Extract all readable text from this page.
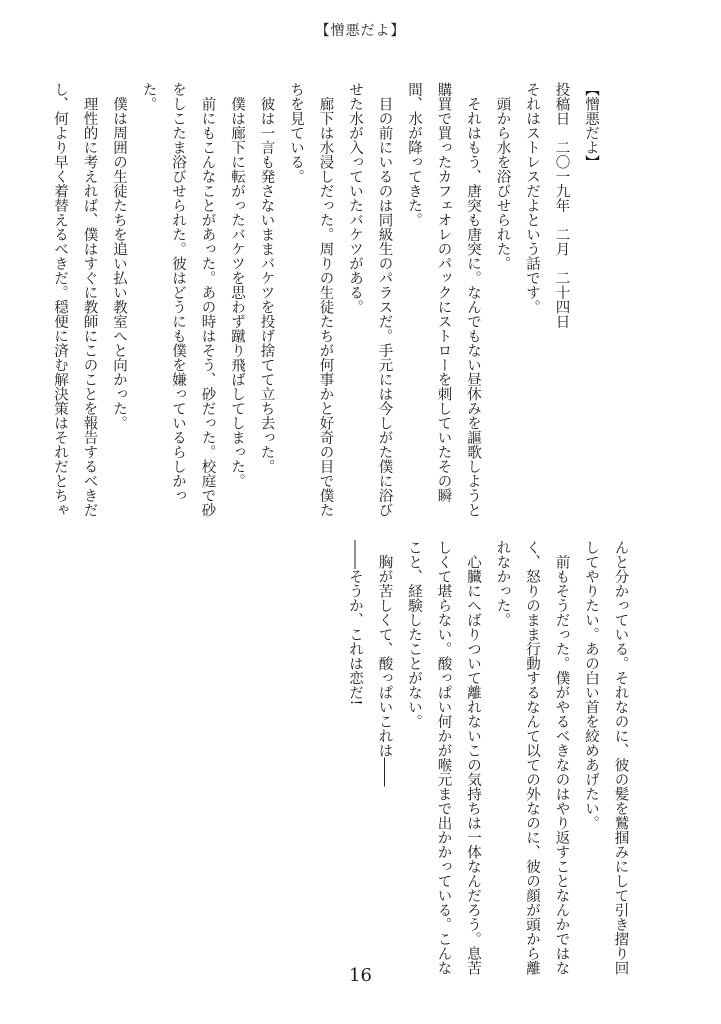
【憎悪だよ】
【憎悪だよ】
投稿日　二〇一九年　二月　二十四日
それはストレスだよという話です。
　頭から水を浴びせられた。
　それはもう、唐突も唐突に。なんでもない昼休みを謳歌しようと
購買で買ったカフェオレのパックにストローを刺していたその瞬
間、水が降ってきた。
　目の前にいるのは同級生のパラスだ。手元には今しがた僕に浴び
せた水が入っていたバケツがある。
　廊下は水浸しだった。周りの生徒たちが何事かと好奇の目で僕た
ちを見ている。
　彼は一言も発さないままバケツを投げ捨てて立ち去った。
　僕は廊下に転がったバケツを思わず蹴り飛ばしてしまった。
　前にもこんなことがあった。あの時はそう、砂だった。校庭で砂
をしこたま浴びせられた。彼はどうにも僕を嫌っているらしかっ
た。
　僕は周囲の生徒たちを追い払い教室へと向かった。
　理性的に考えれば、僕はすぐに教師にこのことを報告するべきだ
し、何より早く着替えるべきだ。穏便に済む解決策はそれだとちゃ
んと分かっている。それなのに、彼の髪を鷲掴みにして引き摺り回
してやりたい。あの白い首を絞めあげたい。
　前もそうだった。僕がやるべきなのはやり返すことなんかではな
く、怒りのまま行動するなんて以ての外なのに、彼の顔が頭から離
れなかった。
　心臓にへばりついて離れないこの気持ちは一体なんだろう。息苦
しくて堪らない。酸っぱい何かが喉元まで出かかっている。こんな
こと、経験したことがない。
　胸が苦しくて、酸っぱいこれは――
――そうか、これは恋だ!
16
